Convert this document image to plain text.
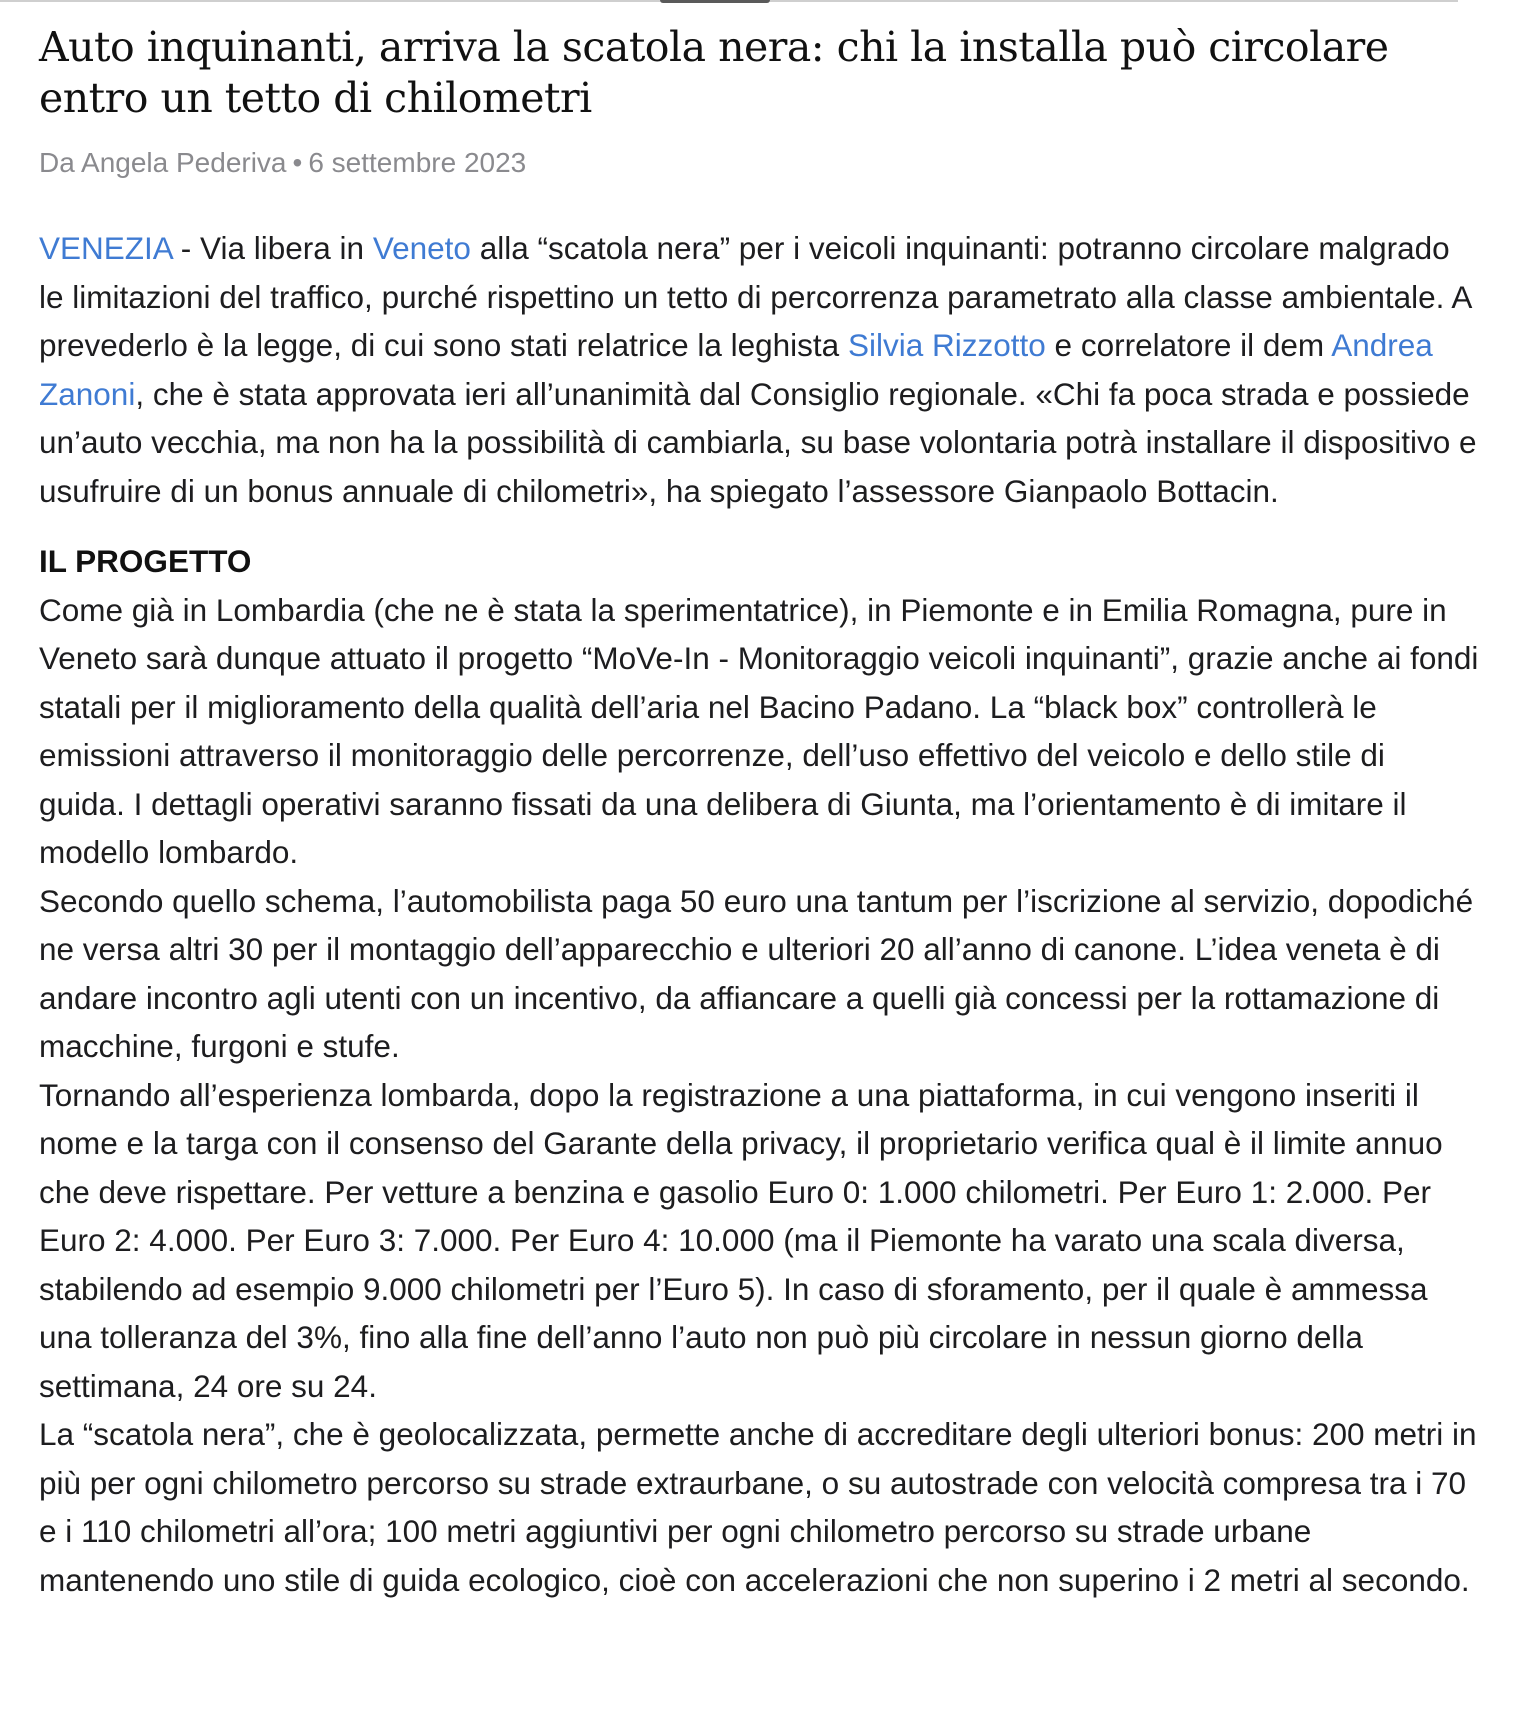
Auto inquinanti, arriva la scatola nera: chi la installa può circolare entro un tetto di chilometri
Da Angela Pederiva • 6 settembre 2023
VENEZIA - Via libera in Veneto alla “scatola nera” per i veicoli inquinanti: potranno circolare malgrado le limitazioni del traffico, purché rispettino un tetto di percorrenza parametrato alla classe ambientale. A prevederlo è la legge, di cui sono stati relatrice la leghista Silvia Rizzotto e correlatore il dem Andrea Zanoni, che è stata approvata ieri all’unanimità dal Consiglio regionale. «Chi fa poca strada e possiede un’auto vecchia, ma non ha la possibilità di cambiarla, su base volontaria potrà installare il dispositivo e usufruire di un bonus annuale di chilometri», ha spiegato l’assessore Gianpaolo Bottacin.
IL PROGETTO
Come già in Lombardia (che ne è stata la sperimentatrice), in Piemonte e in Emilia Romagna, pure in Veneto sarà dunque attuato il progetto “MoVe-In - Monitoraggio veicoli inquinanti”, grazie anche ai fondi statali per il miglioramento della qualità dell’aria nel Bacino Padano. La “black box” controllerà le emissioni attraverso il monitoraggio delle percorrenze, dell’uso effettivo del veicolo e dello stile di guida. I dettagli operativi saranno fissati da una delibera di Giunta, ma l’orientamento è di imitare il modello lombardo.
Secondo quello schema, l’automobilista paga 50 euro una tantum per l’iscrizione al servizio, dopodiché ne versa altri 30 per il montaggio dell’apparecchio e ulteriori 20 all’anno di canone. L’idea veneta è di andare incontro agli utenti con un incentivo, da affiancare a quelli già concessi per la rottamazione di macchine, furgoni e stufe.
Tornando all’esperienza lombarda, dopo la registrazione a una piattaforma, in cui vengono inseriti il nome e la targa con il consenso del Garante della privacy, il proprietario verifica qual è il limite annuo che deve rispettare. Per vetture a benzina e gasolio Euro 0: 1.000 chilometri. Per Euro 1: 2.000. Per Euro 2: 4.000. Per Euro 3: 7.000. Per Euro 4: 10.000 (ma il Piemonte ha varato una scala diversa, stabilendo ad esempio 9.000 chilometri per l’Euro 5). In caso di sforamento, per il quale è ammessa una tolleranza del 3%, fino alla fine dell’anno l’auto non può più circolare in nessun giorno della settimana, 24 ore su 24.
La “scatola nera”, che è geolocalizzata, permette anche di accreditare degli ulteriori bonus: 200 metri in più per ogni chilometro percorso su strade extraurbane, o su autostrade con velocità compresa tra i 70 e i 110 chilometri all’ora; 100 metri aggiuntivi per ogni chilometro percorso su strade urbane mantenendo uno stile di guida ecologico, cioè con accelerazioni che non superino i 2 metri al secondo.
